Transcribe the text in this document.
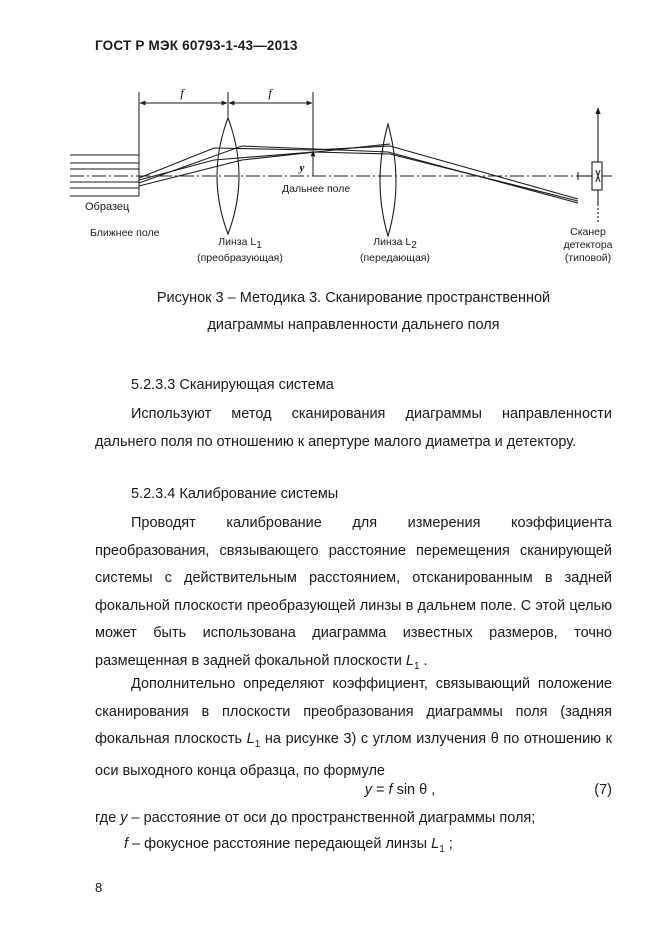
ГОСТ Р МЭК 60793-1-43—2013
f	f
y
Образец
Ближнее поле
Дальнее поле
Линза $L_1$
(преобразующая)
Линза $L_2$
(передающая)
Сканер
детектора
(типовой)
Рисунок 3 – Методика 3. Сканирование пространственной
диаграммы направленности дальнего поля
5.2.3.3 Сканирующая система
Используют метод сканирования диаграммы направленности дальнего поля по отношению к апертуре малого диаметра и детектору.
5.2.3.4 Калибрование системы
Проводят калибрование для измерения коэффициента преобразования, связывающего расстояние перемещения сканирующей системы с действительным расстоянием, отсканированным в задней фокальной плоскости преобразующей линзы в дальнем поле. С этой целью может быть использована диаграмма известных размеров, точно размещенная в задней фокальной плоскости $L_1$ .
Дополнительно определяют коэффициент, связывающий положение сканирования в плоскости преобразования диаграммы поля (задняя фокальная плоскость $L_1$ на рисунке 3) с углом излучения θ по отношению к оси выходного конца образца, по формуле
y = f sin θ ,	(7)
где y – расстояние от оси до пространственной диаграммы поля;
f – фокусное расстояние передающей линзы $L_1$ ;
8
